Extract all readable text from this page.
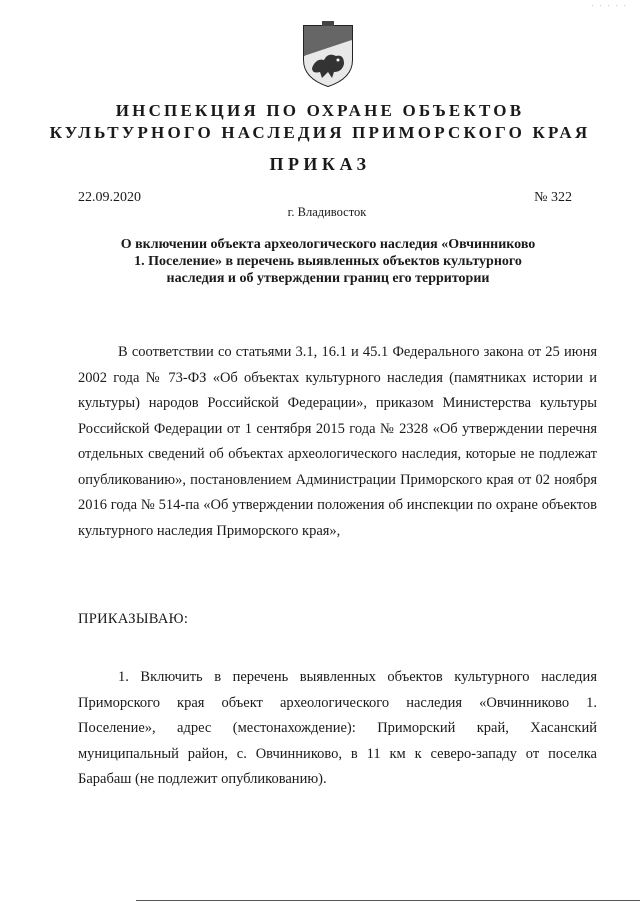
· · · · ·
ИНСПЕКЦИЯ ПО ОХРАНЕ ОБЪЕКТОВ
КУЛЬТУРНОГО НАСЛЕДИЯ ПРИМОРСКОГО КРАЯ
ПРИКАЗ
22.09.2020	№ 322
г. Владивосток
О включении объекта археологического наследия «Овчинниково 1. Поселение» в перечень выявленных объектов культурного наследия и об утверждении границ его территории
В соответствии со статьями 3.1, 16.1 и 45.1 Федерального закона от 25 июня 2002 года № 73-ФЗ «Об объектах культурного наследия (памятниках истории и культуры) народов Российской Федерации», приказом Министерства культуры Российской Федерации от 1 сентября 2015 года № 2328 «Об утверждении перечня отдельных сведений об объектах археологического наследия, которые не подлежат опубликованию», постановлением Администрации Приморского края от 02 ноября 2016 года № 514-па «Об утверждении положения об инспекции по охране объектов культурного наследия Приморского края»,
ПРИКАЗЫВАЮ:
1. Включить в перечень выявленных объектов культурного наследия Приморского края объект археологического наследия «Овчинниково 1. Поселение», адрес (местонахождение): Приморский край, Хасанский муниципальный район, с. Овчинниково, в 11 км к северо-западу от поселка Барабаш (не подлежит опубликованию).
